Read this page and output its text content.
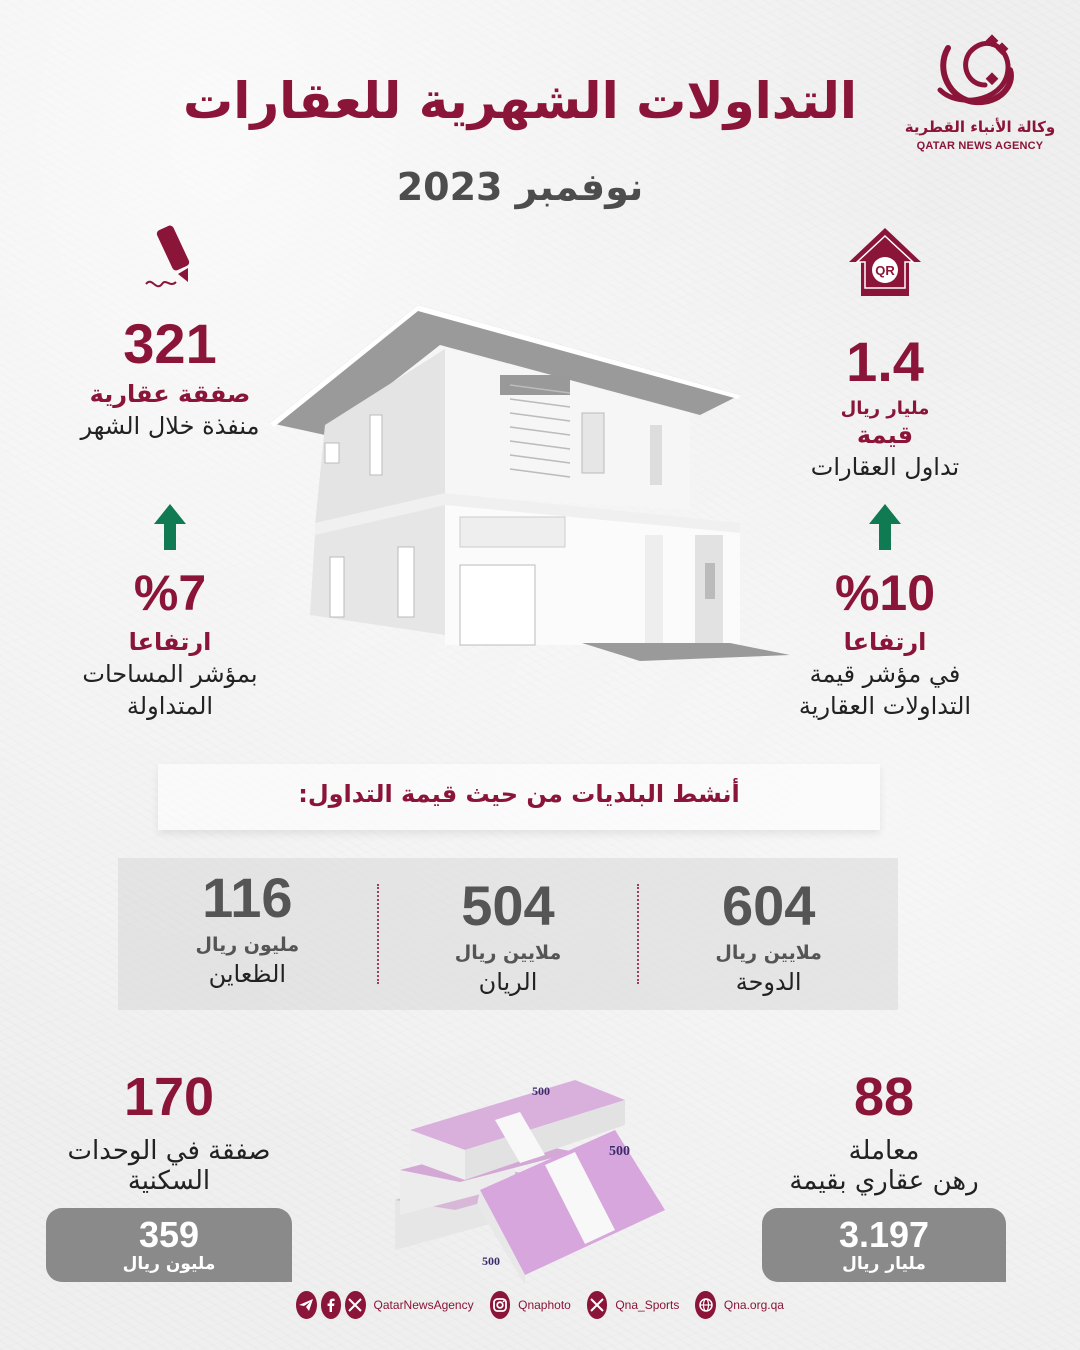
وكالة الأنباء القطرية
QATAR NEWS AGENCY
التداولات الشهرية للعقارات
نوفمبر 2023
321
صفقة عقارية
منفذة خلال الشهر
QR
1.4
مليار ريال
قيمة
تداول العقارات
%7
ارتفاعا
بمؤشر المساحات
المتداولة
%10
ارتفاعا
في مؤشر قيمة
التداولات العقارية
أنشط البلديات من حيث قيمة التداول:
604
ملايين ريال
الدوحة
504
ملايين ريال
الريان
116
مليون ريال
الظعاين
170
صفقة في الوحدات
السكنية
359
مليون ريال
500
500
500	88
معاملة
رهن عقاري بقيمة
3.197
مليار ريال
QatarNewsAgency	Qnaphoto	Qna_Sports	Qna.org.qa
